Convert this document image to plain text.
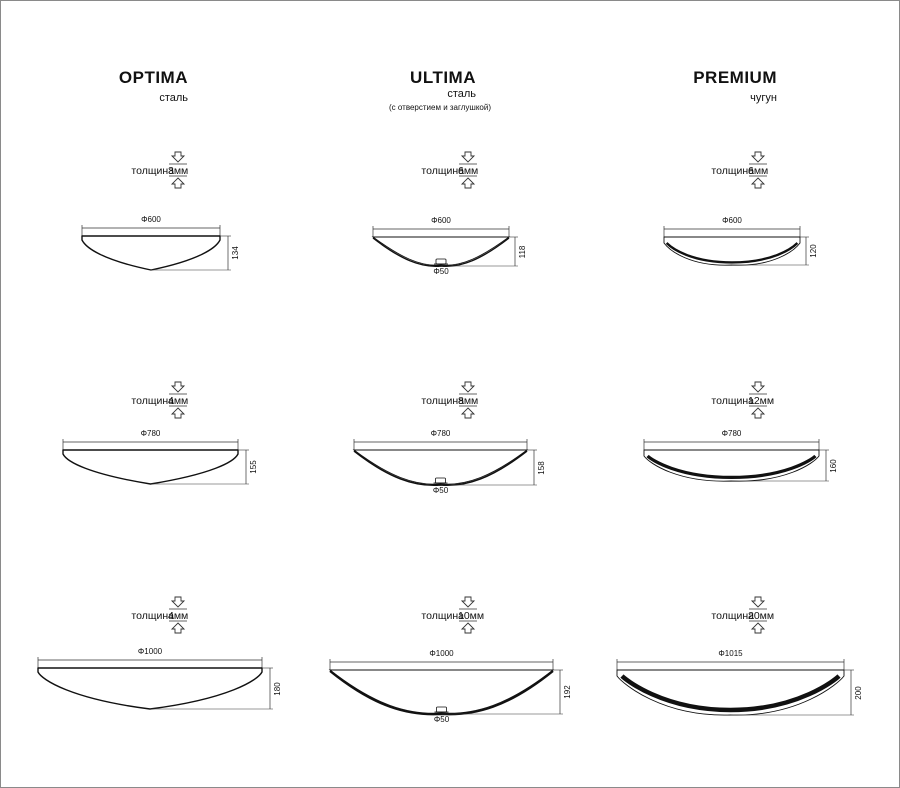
OPTIMA
сталь
ULTIMA
сталь
(с отверстием и заглушкой)
PREMIUM
чугун
толщина
3мм
Φ600
134
толщина
6мм
Φ600
Φ50
118
толщина
6мм
Φ600
120
толщина
4мм
Φ780
155
толщина
8мм
Φ780
Φ50
158
толщина
12мм
Φ780
160
толщина
4мм
Φ1000
180
толщина
10мм
Φ1000
Φ50
192
толщина
20мм
Φ1015
200
